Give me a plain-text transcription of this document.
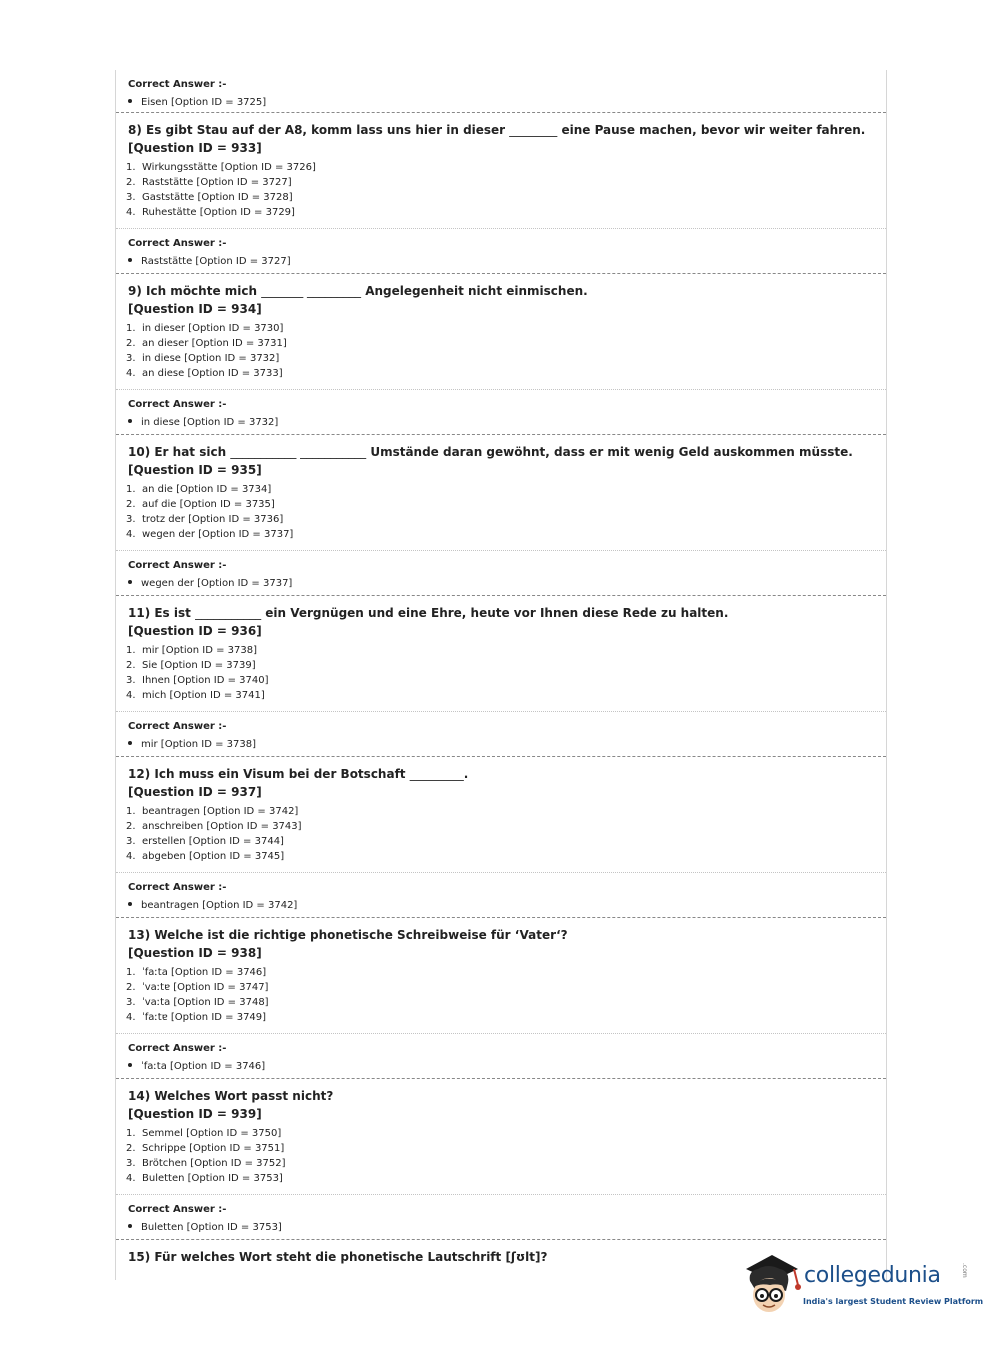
Correct Answer :-
Eisen [Option ID = 3725]
8) Es gibt Stau auf der A8, komm lass uns hier in dieser ________ eine Pause machen, bevor wir weiter fahren.
[Question ID = 933]
1. Wirkungsstätte [Option ID = 3726]
2. Raststätte [Option ID = 3727]
3. Gaststätte [Option ID = 3728]
4. Ruhestätte [Option ID = 3729]
Correct Answer :-
Raststätte [Option ID = 3727]
9) Ich möchte mich _______ _________ Angelegenheit nicht einmischen.
[Question ID = 934]
1. in dieser [Option ID = 3730]
2. an dieser [Option ID = 3731]
3. in diese [Option ID = 3732]
4. an diese [Option ID = 3733]
Correct Answer :-
in diese [Option ID = 3732]
10) Er hat sich ___________ ___________ Umstände daran gewöhnt, dass er mit wenig Geld auskommen müsste.
[Question ID = 935]
1. an die [Option ID = 3734]
2. auf die [Option ID = 3735]
3. trotz der [Option ID = 3736]
4. wegen der [Option ID = 3737]
Correct Answer :-
wegen der [Option ID = 3737]
11) Es ist ___________ ein Vergnügen und eine Ehre, heute vor Ihnen diese Rede zu halten.
[Question ID = 936]
1. mir [Option ID = 3738]
2. Sie [Option ID = 3739]
3. Ihnen [Option ID = 3740]
4. mich [Option ID = 3741]
Correct Answer :-
mir [Option ID = 3738]
12) Ich muss ein Visum bei der Botschaft _________.
[Question ID = 937]
1. beantragen [Option ID = 3742]
2. anschreiben [Option ID = 3743]
3. erstellen [Option ID = 3744]
4. abgeben [Option ID = 3745]
Correct Answer :-
beantragen [Option ID = 3742]
13) Welche ist die richtige phonetische Schreibweise für ‘Vater‘?
[Question ID = 938]
1. ˈfaːta [Option ID = 3746]
2. ˈvaːtɐ [Option ID = 3747]
3. ˈvaːta [Option ID = 3748]
4. ˈfaːtɐ [Option ID = 3749]
Correct Answer :-
ˈfaːta [Option ID = 3746]
14) Welches Wort passt nicht?
[Question ID = 939]
1. Semmel [Option ID = 3750]
2. Schrippe [Option ID = 3751]
3. Brötchen [Option ID = 3752]
4. Buletten [Option ID = 3753]
Correct Answer :-
Buletten [Option ID = 3753]
15) Für welches Wort steht die phonetische Lautschrift [ʃʊlt]?
collegedunia	.com
India's largest Student Review Platform
